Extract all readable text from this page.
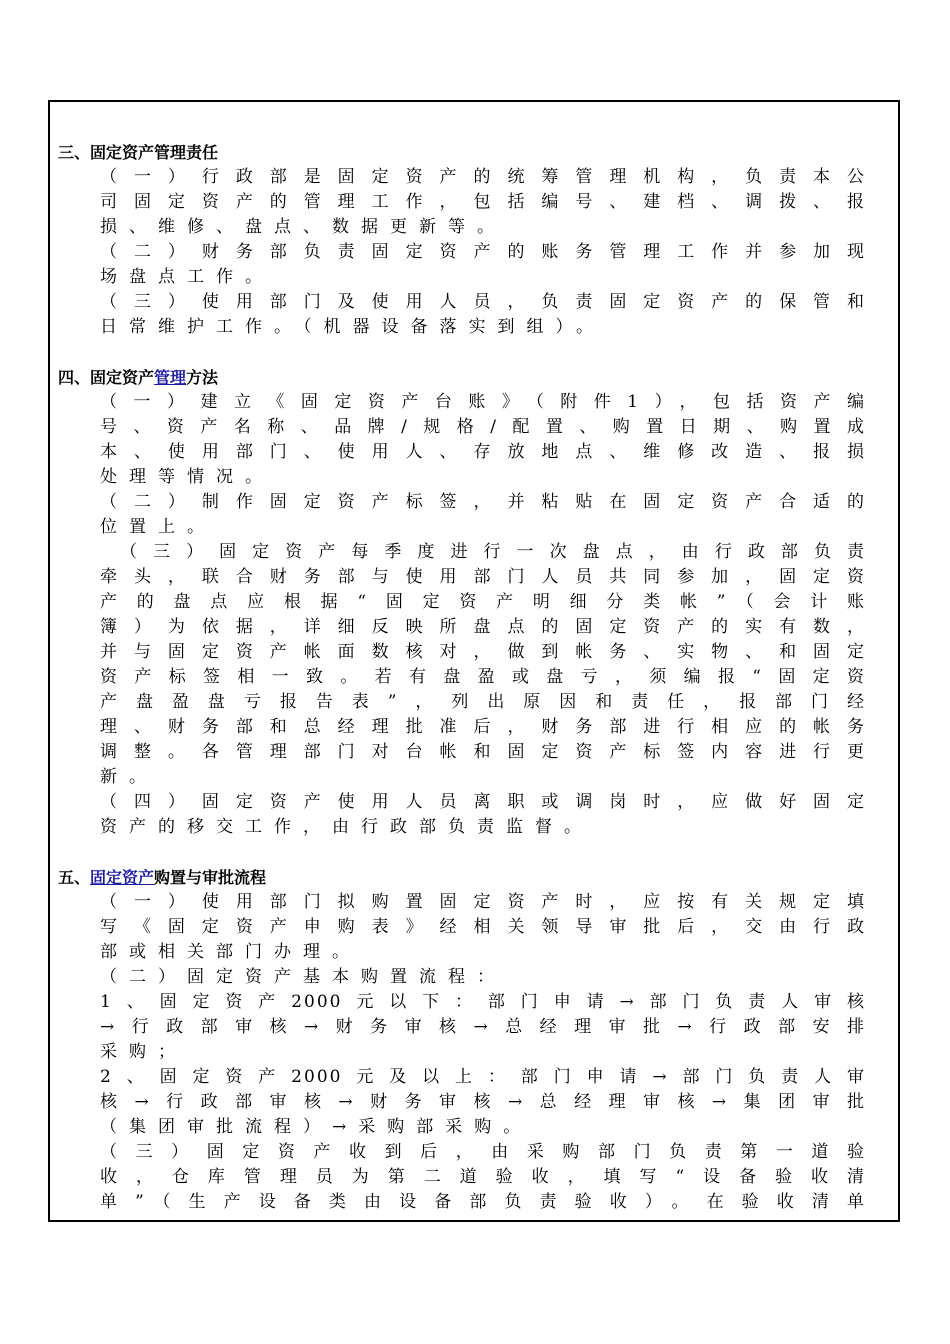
三、固定资产管理责任
（一）行政部是固定资产的统筹管理机构，负责本公
司固定资产的管理工作，包括编号、建档、调拨、报
损、维修、盘点、数据更新等。
（二）财务部负责固定资产的账务管理工作并参加现
场盘点工作。
（三）使用部门及使用人员，负责固定资产的保管和
日常维护工作。（机器设备落实到组）。
四、固定资产管理方法
（一）建立《固定资产台账》（附件1），包括资产编
号、资产名称、品牌/规格/配置、购置日期、购置成
本、使用部门、使用人、存放地点、维修改造、报损
处理等情况。
（二）制作固定资产标签，并粘贴在固定资产合适的
位置上。
（三）固定资产每季度进行一次盘点，由行政部负责
牵头，联合财务部与使用部门人员共同参加，固定资
产的盘点应根据“固定资产明细分类帐”（会计账
簿）为依据，详细反映所盘点的固定资产的实有数，
并与固定资产帐面数核对，做到帐务、实物、和固定
资产标签相一致。若有盘盈或盘亏，须编报“固定资
产盘盈盘亏报告表”，列出原因和责任，报部门经
理、财务部和总经理批准后，财务部进行相应的帐务
调整。各管理部门对台帐和固定资产标签内容进行更
新。
（四）固定资产使用人员离职或调岗时，应做好固定
资产的移交工作，由行政部负责监督。
五、固定资产购置与审批流程
（一）使用部门拟购置固定资产时，应按有关规定填
写《固定资产申购表》经相关领导审批后，交由行政
部或相关部门办理。
（二）固定资产基本购置流程：
1、固定资产2000元以下：部门申请→部门负责人审核
→行政部审核→财务审核→总经理审批→行政部安排
采购；
2、固定资产2000元及以上：部门申请→部门负责人审
核→行政部审核→财务审核→总经理审核→集团审批
（集团审批流程）→采购部采购。
（三）固定资产收到后，由采购部门负责第一道验
收，仓库管理员为第二道验收，填写“设备验收清
单”（生产设备类由设备部负责验收）。在验收清单
